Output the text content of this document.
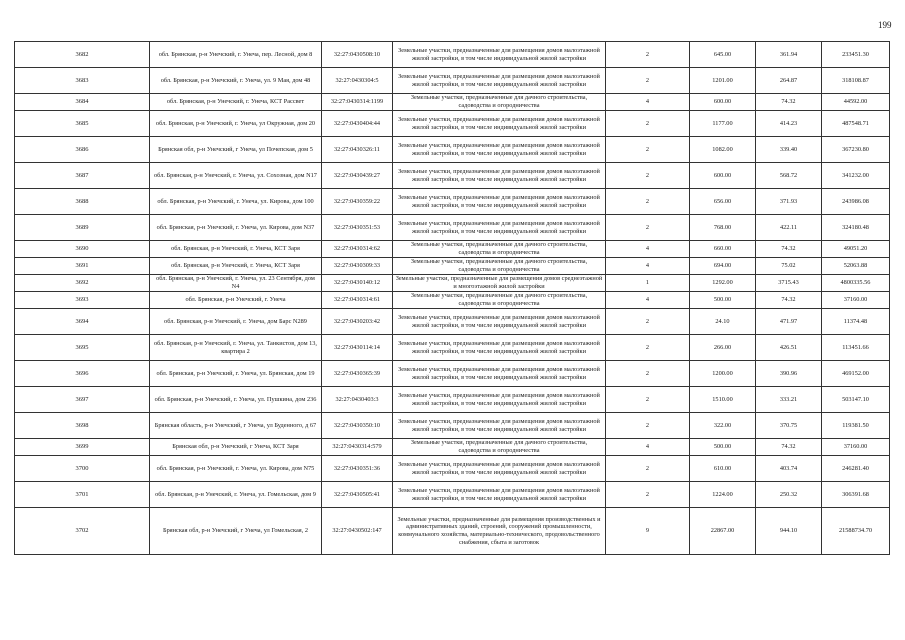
199
3682	обл. Брянская, р-н Унечский, г. Унеча, пер. Лесной, дом 8	32:27:0430508:10	Земельные участки, предназначенные для размещения домов малоэтажной жилой застройки, в том числе индивидуальной жилой застройки	2	645.00	361.94	233451.30
3683	обл. Брянская, р-н Унечский, г. Унеча, ул. 9 Мая, дом 48	32:27:0430304:5	Земельные участки, предназначенные для размещения домов малоэтажной жилой застройки, в том числе индивидуальной жилой застройки	2	1201.00	264.87	318108.87
3684	обл. Брянская, р-н Унечский, г. Унеча, КСТ Рассвет	32:27:0430314:1199	Земельные участки, предназначенные для дачного строительства, садоводства и огородничества	4	600.00	74.32	44592.00
3685	обл. Брянская, р-н Унечский, г. Унеча, ул Окружная, дом 20	32:27:0430404:44	Земельные участки, предназначенные для размещения домов малоэтажной жилой застройки, в том числе индивидуальной жилой застройки	2	1177.00	414.23	487548.71
3686	Брянская обл, р-н Унечский, г Унеча, ул Почепская, дом 5	32:27:0430326:11	Земельные участки, предназначенные для размещения домов малоэтажной жилой застройки, в том числе индивидуальной жилой застройки	2	1082.00	339.40	367230.80
3687	обл. Брянская, р-н Унечский, г. Унеча, ул. Сохозная, дом N17	32:27:0430439:27	Земельные участки, предназначенные для размещения домов малоэтажной жилой застройки, в том числе индивидуальной жилой застройки	2	600.00	568.72	341232.00
3688	обл. Брянская, р-н Унечский, г. Унеча, ул. Кирова, дом 100	32:27:0430359:22	Земельные участки, предназначенные для размещения домов малоэтажной жилой застройки, в том числе индивидуальной жилой застройки	2	656.00	371.93	243986.08
3689	обл. Брянская, р-н Унечский, г. Унеча, ул. Кирова, дом N37	32:27:0430351:53	Земельные участки, предназначенные для размещения домов малоэтажной жилой застройки, в том числе индивидуальной жилой застройки	2	768.00	422.11	324180.48
3690	обл. Брянская, р-н Унечский, г. Унеча, КСТ Заря	32:27:0430314:62	Земельные участки, предназначенные для дачного строительства, садоводства и огородничества	4	660.00	74.32	49051.20
3691	обл. Брянская, р-н Унечский, г. Унеча, КСТ Заря	32:27:0430309:33	Земельные участки, предназначенные для дачного строительства, садоводства и огородничества	4	694.00	75.02	52063.88
3692	обл. Брянская, р-н Унечский, г. Унеча, ул. 23 Сентября, дом N4	32:27:0430140:12	Земельные участки, предназначенные для размещения домов среднеэтажной и многоэтажной жилой застройки	1	1292.00	3715.43	4800335.56
3693	обл. Брянская, р-н Унечский, г. Унеча	32:27:0430314:61	Земельные участки, предназначенные для дачного строительства, садоводства и огородничества	4	500.00	74.32	37160.00
3694	обл. Брянская, р-н Унечский, г. Унеча, дом Барс N289	32:27:0430203:42	Земельные участки, предназначенные для размещения домов малоэтажной жилой застройки, в том числе индивидуальной жилой застройки	2	24.10	471.97	11374.48
3695	обл. Брянская, р-н Унечский, г. Унеча, ул. Танкистов, дом 13, квартира 2	32:27:0430114:14	Земельные участки, предназначенные для размещения домов малоэтажной жилой застройки, в том числе индивидуальной жилой застройки	2	266.00	426.51	113451.66
3696	обл. Брянская, р-н Унечский, г. Унеча, ул. Брянская, дом 19	32:27:0430365:39	Земельные участки, предназначенные для размещения домов малоэтажной жилой застройки, в том числе индивидуальной жилой застройки	2	1200.00	390.96	469152.00
3697	обл. Брянская, р-н Унечский, г. Унеча, ул. Пушкина, дом 236	32:27:0430403:3	Земельные участки, предназначенные для размещения домов малоэтажной жилой застройки, в том числе индивидуальной жилой застройки	2	1510.00	333.21	503147.10
3698	Брянская область, р-н Унечский, г Унеча, ул Буденного, д 67	32:27:0430350:10	Земельные участки, предназначенные для размещения домов малоэтажной жилой застройки, в том числе индивидуальной жилой застройки	2	322.00	370.75	119381.50
3699	Брянская обл, р-н Унечский, г Унеча, КСТ Заря	32:27:0430314:579	Земельные участки, предназначенные для дачного строительства, садоводства и огородничества	4	500.00	74.32	37160.00
3700	обл. Брянская, р-н Унечский, г. Унеча, ул. Кирова, дом N75	32:27:0430351:36	Земельные участки, предназначенные для размещения домов малоэтажной жилой застройки, в том числе индивидуальной жилой застройки	2	610.00	403.74	246281.40
3701	обл. Брянская, р-н Унечский, г. Унеча, ул. Гомельская, дом 9	32:27:0430505:41	Земельные участки, предназначенные для размещения домов малоэтажной жилой застройки, в том числе индивидуальной жилой застройки	2	1224.00	250.32	306391.68
3702	Брянская обл, р-н Унечский, г Унеча, ул Гомельская, 2	32:27:0430502:147	Земельные участки, предназначенные для размещения производственных и административных зданий, строений, сооружений промышленности, коммунального хозяйства, материально-технического, продовольственного снабжения, сбыта и заготовок	9	22867.00	944.10	21588734.70
